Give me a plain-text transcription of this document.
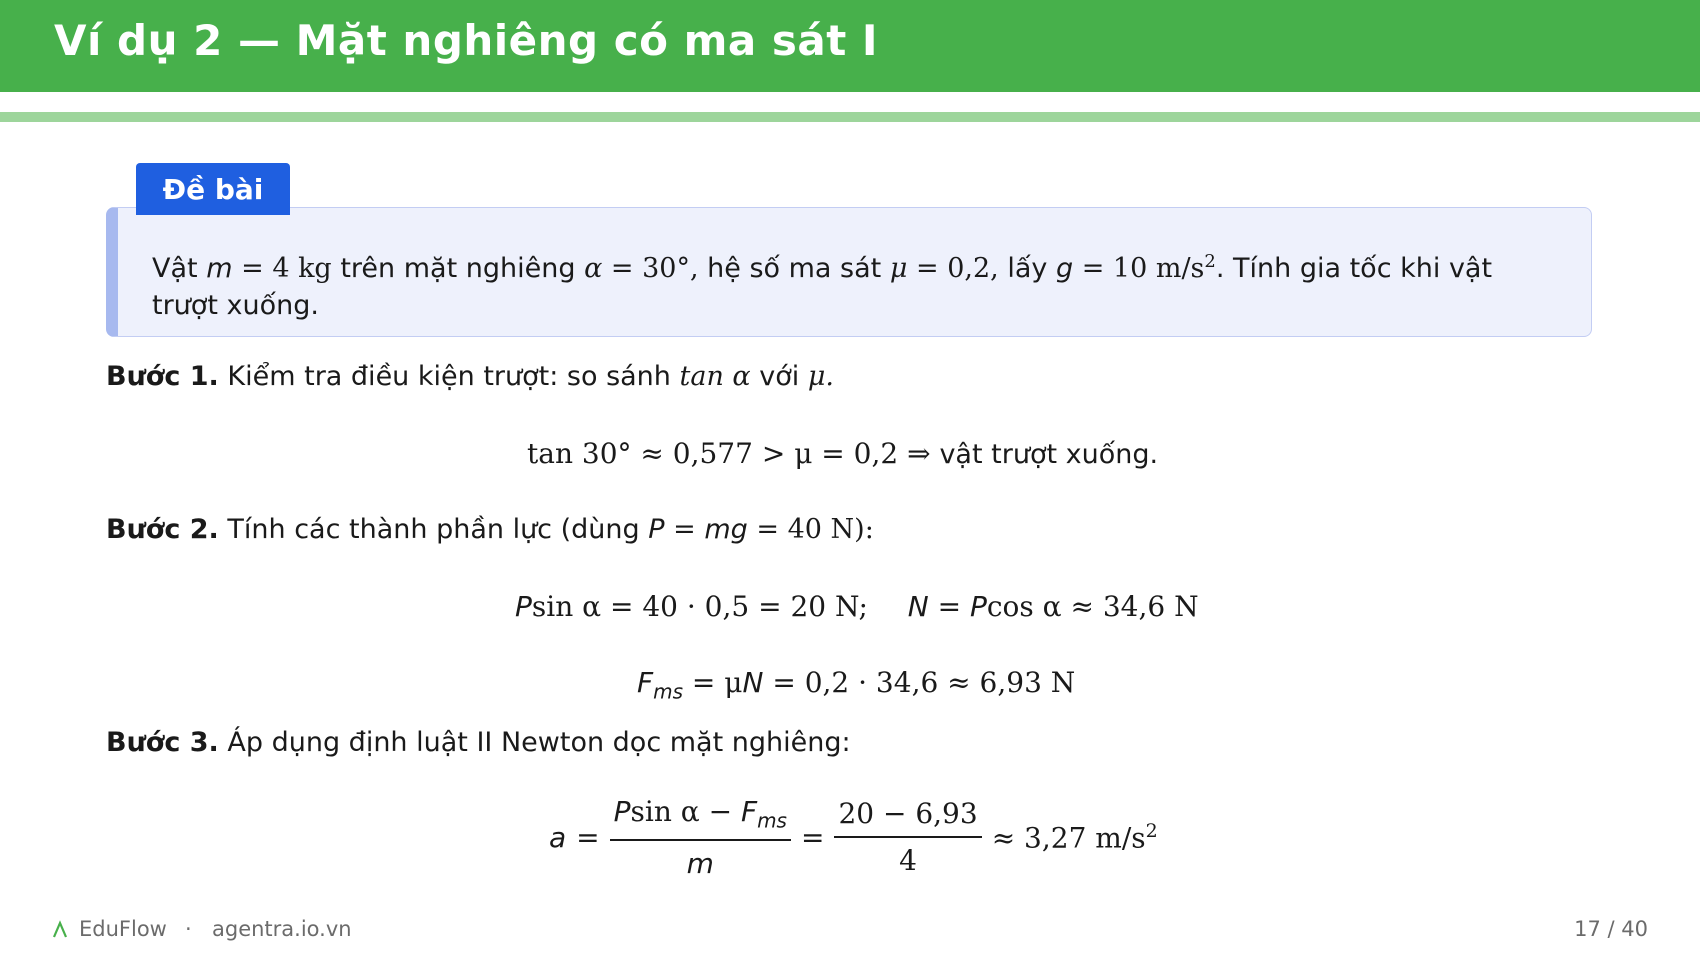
Ví dụ 2 — Mặt nghiêng có ma sát I
Đề bài
Vật m = 4 kg trên mặt nghiêng α = 30°, hệ số ma sát μ = 0,2, lấy g = 10 $m/s^2$. Tính gia tốc khi vật trượt xuống.
Bước 1. Kiểm tra điều kiện trượt: so sánh tan α với μ.
tan 30° ≈ 0,577 > μ = 0,2 ⇒ vật trượt xuống.
Bước 2. Tính các thành phần lực (dùng P = mg = 40 N):
Psin α = 40 · 0,5 = 20 N; N = Pcos α ≈ 34,6 N
$F_{ms} = \mu N = 0,2 \cdot 34,6 \approx 6,93$ N
Bước 3. Áp dụng định luật II Newton dọc mặt nghiêng:
$a = \frac{Psin \alpha - F_{ms}}{m} = \frac{20 - 6,93}{4} \approx 3,27$ $m/s^2$
EduFlow · agentra.io.vn	17 / 40
